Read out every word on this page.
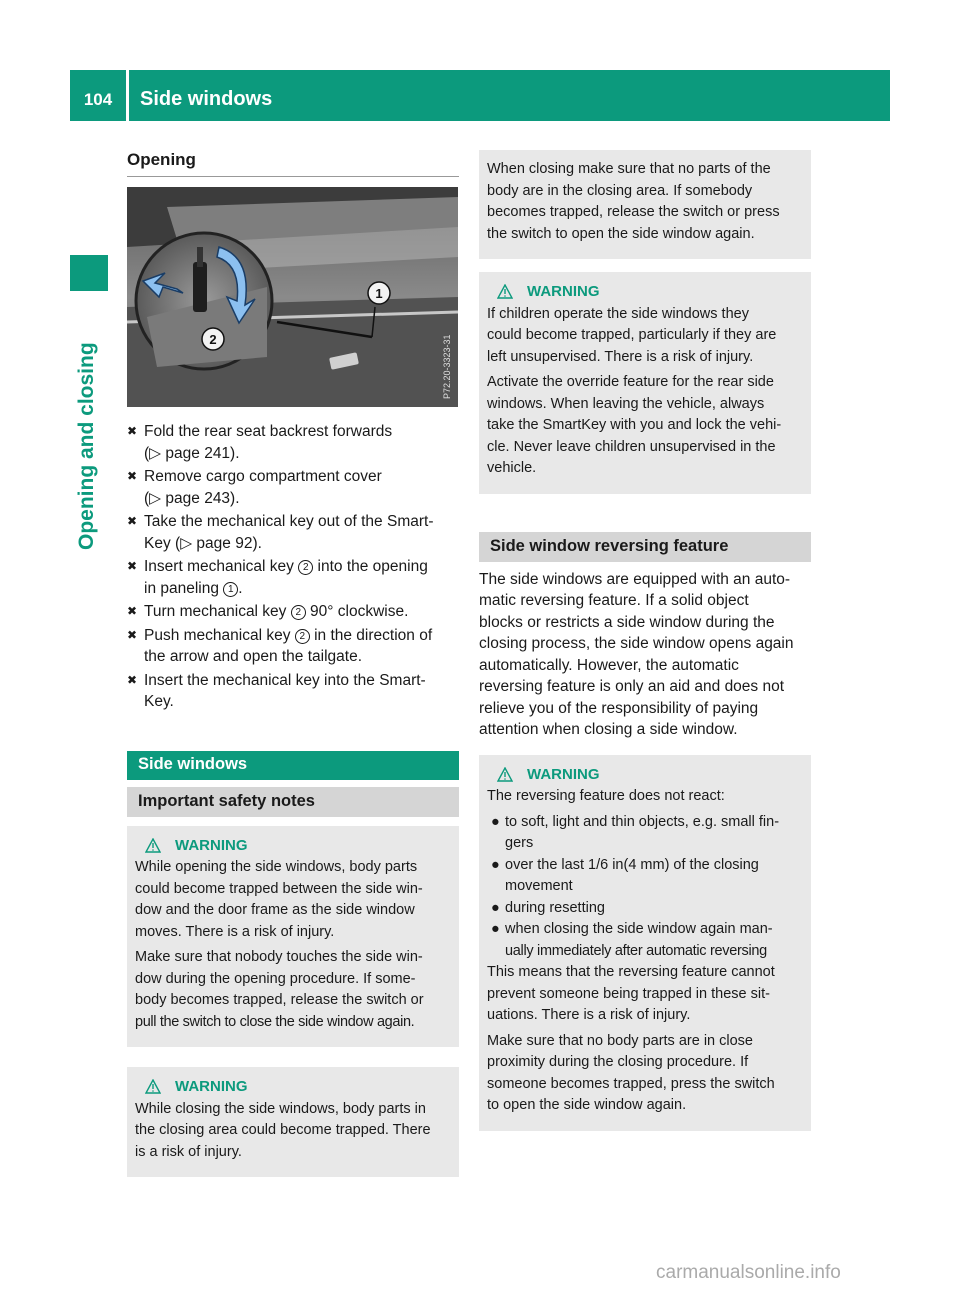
104	Side windows
Opening and closing
Opening
1
2	P72.20-3323-31
✖ Fold the rear seat backrest forwards
(▷ page 241).
✖ Remove cargo compartment cover
(▷ page 243).
✖ Take the mechanical key out of the Smart-
Key (▷ page 92).
✖ Insert mechanical key 2 into the opening
in paneling 1 .
✖ Turn mechanical key 2 90° clockwise.
✖ Push mechanical key 2 in the direction of
the arrow and open the tailgate.
✖ Insert the mechanical key into the Smart-
Key.
Side windows
Important safety notes
WARNING

While opening the side windows, body parts
could become trapped between the side win-
dow and the door frame as the side window
moves. There is a risk of injury.

Make sure that nobody touches the side win-
dow during the opening procedure. If some-
body becomes trapped, release the switch or
pull the switch to close the side window again.

WARNING

While closing the side windows, body parts in
the closing area could become trapped. There
is a risk of injury.

When closing make sure that no parts of the
body are in the closing area. If somebody
becomes trapped, release the switch or press
the switch to open the side window again.

WARNING

If children operate the side windows they
could become trapped, particularly if they are
left unsupervised. There is a risk of injury.

Activate the override feature for the rear side
windows. When leaving the vehicle, always
take the SmartKey with you and lock the vehi-
cle. Never leave children unsupervised in the
vehicle.

Side window reversing feature

The side windows are equipped with an auto-
matic reversing feature. If a solid object
blocks or restricts a side window during the
closing process, the side window opens again
automatically. However, the automatic
reversing feature is only an aid and does not
relieve you of the responsibility of paying
attention when closing a side window.

WARNING

The reversing feature does not react:

● to soft, light and thin objects, e.g. small fin-
gers
● over the last 1/6 in(4 mm) of the closing
movement
● during resetting
● when closing the side window again man-
ually immediately after automatic reversing

This means that the reversing feature cannot
prevent someone being trapped in these sit-
uations. There is a risk of injury.

Make sure that no body parts are in close
proximity during the closing procedure. If
someone becomes trapped, press the switch
to open the side window again.

carmanualsonline.info
